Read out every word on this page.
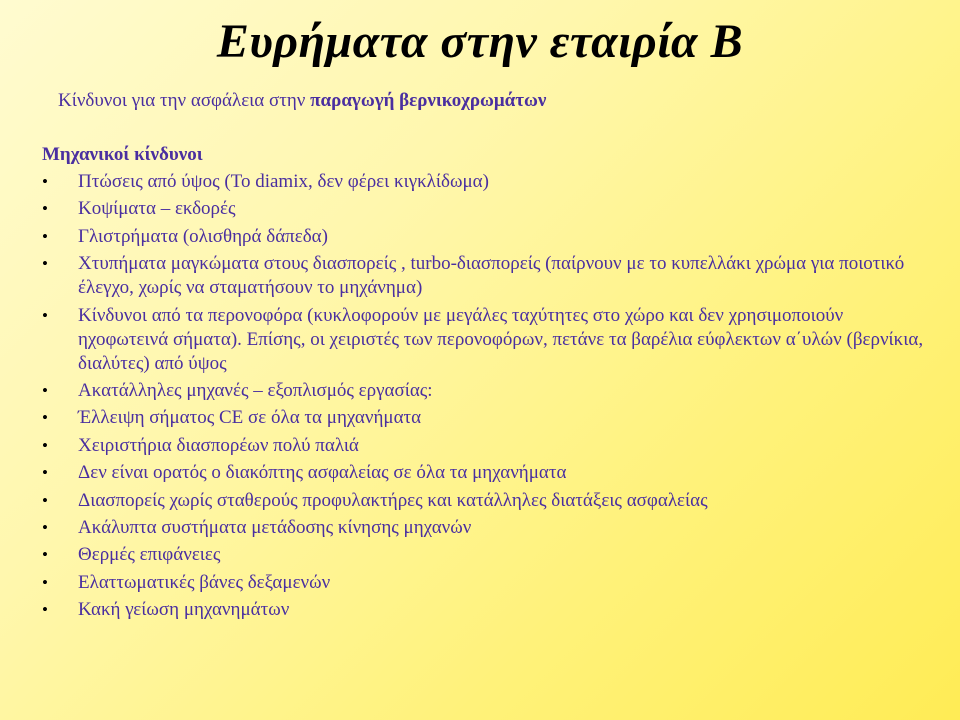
Ευρήματα στην εταιρία Β
Κίνδυνοι για την ασφάλεια στην παραγωγή βερνικοχρωμάτων
Μηχανικοί κίνδυνοι
• Πτώσεις από ύψος (Το diamix, δεν φέρει κιγκλίδωμα)
• Κοψίματα – εκδορές
• Γλιστρήματα (ολισθηρά δάπεδα)
• Χτυπήματα μαγκώματα στους διασπορείς , turbo-διασπορείς (παίρνουν με το κυπελλάκι χρώμα για ποιοτικό έλεγχο, χωρίς να σταματήσουν το μηχάνημα)
• Κίνδυνοι από τα περονοφόρα (κυκλοφορούν με μεγάλες ταχύτητες στο χώρο και δεν χρησιμοποιούν ηχοφωτεινά σήματα). Επίσης, οι χειριστές των περονοφόρων, πετάνε τα βαρέλια εύφλεκτων α΄υλών (βερνίκια, διαλύτες) από ύψος
• Ακατάλληλες μηχανές – εξοπλισμός εργασίας:
• Έλλειψη σήματος CE σε όλα τα μηχανήματα
• Χειριστήρια διασπορέων πολύ παλιά
• Δεν είναι ορατός ο διακόπτης ασφαλείας σε όλα τα μηχανήματα
• Διασπορείς χωρίς σταθερούς προφυλακτήρες και κατάλληλες διατάξεις ασφαλείας
• Ακάλυπτα συστήματα μετάδοσης κίνησης μηχανών
• Θερμές επιφάνειες
• Ελαττωματικές βάνες δεξαμενών
• Κακή γείωση μηχανημάτων
